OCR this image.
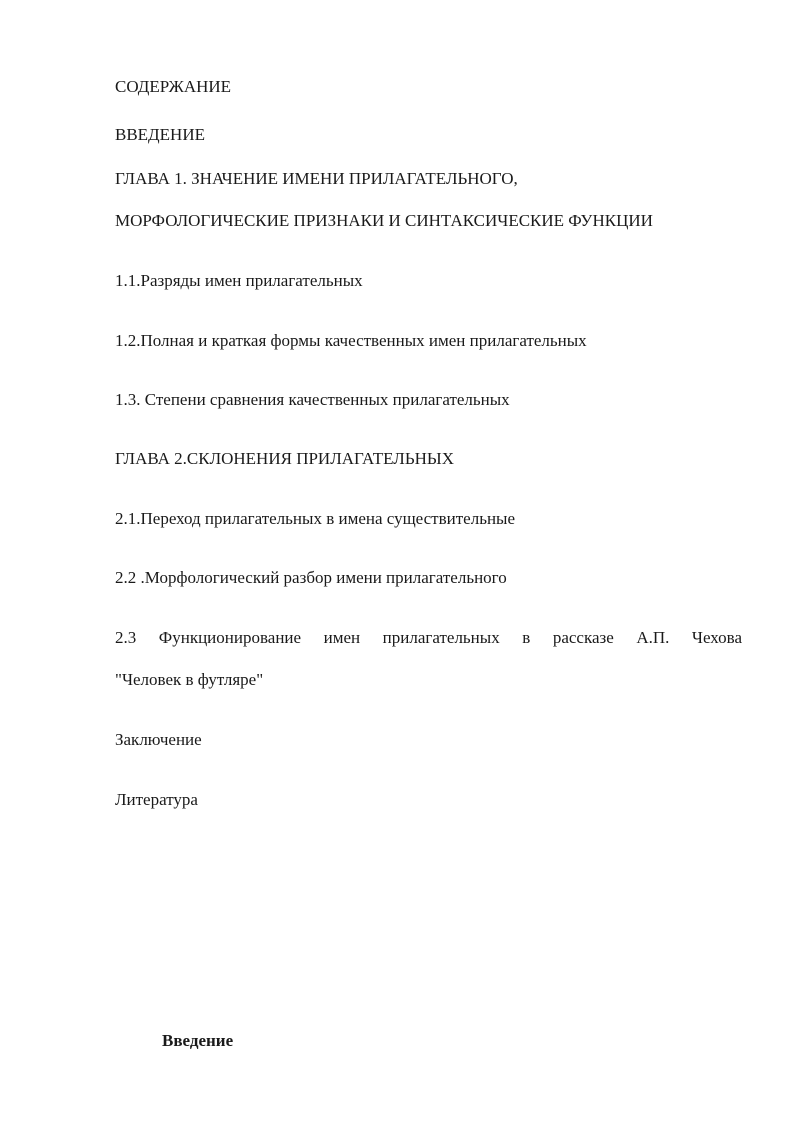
СОДЕРЖАНИЕ
ВВЕДЕНИЕ
ГЛАВА 1. ЗНАЧЕНИЕ ИМЕНИ ПРИЛАГАТЕЛЬНОГО,
МОРФОЛОГИЧЕСКИЕ ПРИЗНАКИ И СИНТАКСИЧЕСКИЕ ФУНКЦИИ
1.1.Разряды имен прилагательных
1.2.Полная и краткая формы качественных имен прилагательных
1.3. Степени сравнения качественных прилагательных
ГЛАВА 2.СКЛОНЕНИЯ ПРИЛАГАТЕЛЬНЫХ
2.1.Переход прилагательных в имена существительные
2.2 .Морфологический разбор имени прилагательного
2.3 Функционирование имен прилагательных в рассказе А.П. Чехова
"Человек в футляре"
Заключение
Литература
Введение
